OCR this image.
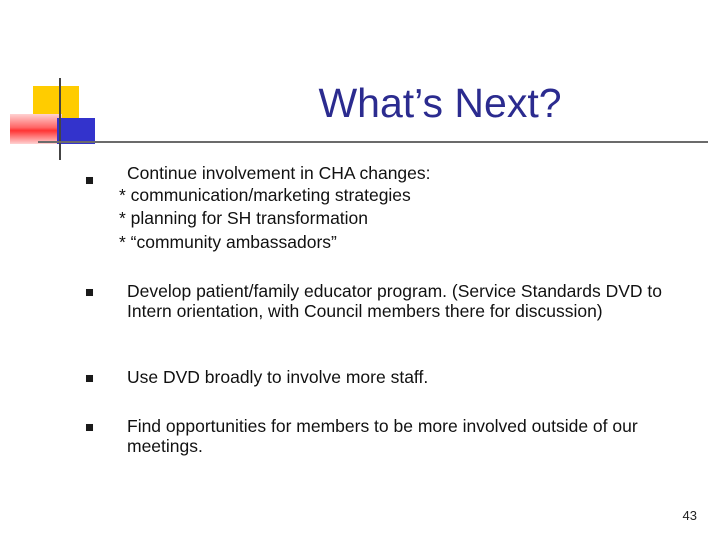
What’s Next?
Continue involvement in CHA changes:
* communication/marketing strategies
* planning for SH transformation
* “community ambassadors”
Develop patient/family educator program. (Service Standards DVD to Intern orientation, with Council members there for discussion)
Use DVD broadly to involve more staff.
Find opportunities for members to be more involved outside of our meetings.
43
